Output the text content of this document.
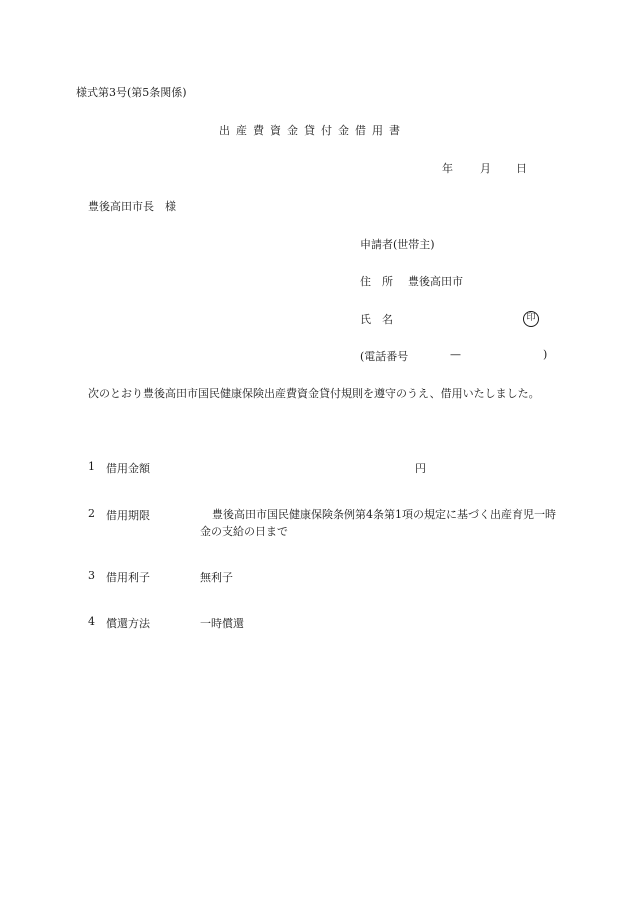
様式第3号(第5条関係)
出産費資金貸付金借用書
年 月 日
豊後高田市長　様
申請者(世帯主)
住　所 豊後高田市
氏　名	印
(電話番号	—	)
次のとおり豊後高田市国民健康保険出産費資金貸付規則を遵守のうえ、借用いたしました。
1 借用金額	円
2 借用期限	豊後高田市国民健康保険条例第4条第1項の規定に基づく出産育児一時金の支給の日まで
3 借用利子	無利子
4 償還方法	一時償還
